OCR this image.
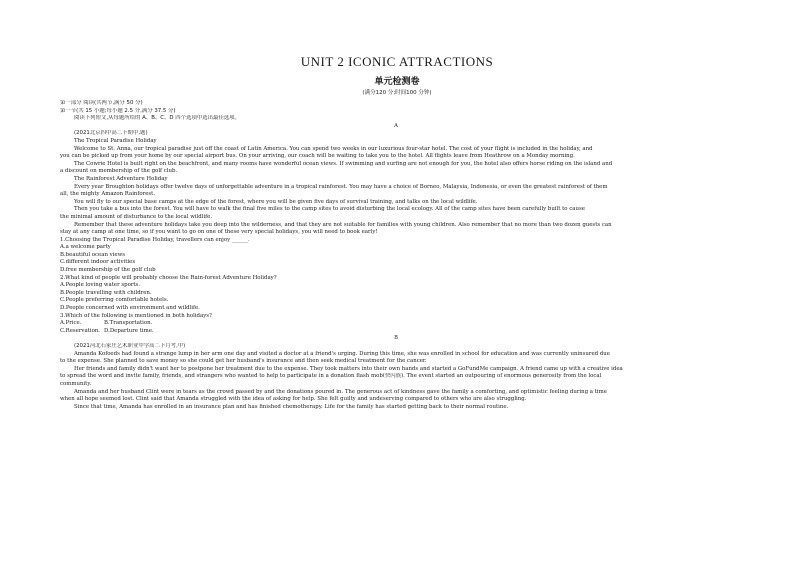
UNIT 2 ICONIC ATTRACTIONS
单元检测卷
(满分120 分;时间100 分钟)
第一部分 阅读(共两节,满分 50 分)
第一节(共 15 小题;每小题 2.5 分,满分 37.5 分)
阅读下列短文,从每题所给的 A、B、C、D 四个选项中选出最佳选项。
A
(2021北京四中高二下期中,题)
The Tropical Paradise Holiday
Welcome to St. Anna, our tropical paradise just off the coast of Latin America. You can spend two weeks in our luxurious four-star hotel. The cost of your flight is included in the holiday, and
you can be picked up from your home by our special airport bus. On your arriving, our coach will be waiting to take you to the hotel. All flights leave from Heathrow on a Monday morning.
The Cowrie Hotel is built right on the beachfront, and many rooms have wonderful ocean views. If swimming and surfing are not enough for you, the hotel also offers horse riding on the island and
a discount on membership of the golf club.
The Rainforest Adventure Holiday
Every year Broughton holidays offer twelve days of unforgettable adventure in a tropical rainforest. You may have a choice of Borneo, Malaysia, Indonesia, or even the greatest rainforest of them
all, the mighty Amazon Rainforest.
You will fly to our special base camps at the edge of the forest, where you will be given five days of survival training, and talks on the local wildlife.
Then you take a bus into the forest. You will have to walk the final five miles to the camp sites to avoid disturbing the local ecology. All of the camp sites have been carefully built to cause
the minimal amount of disturbance to the local wildlife.
Remember that these adventure holidays take you deep into the wilderness, and that they are not suitable for families with young children. Also remember that no more than two dozen guests can
stay at any camp at one time, so if you want to go on one of these very special holidays, you will need to book early!
1.Choosing the Tropical Paradise Holiday, travellers can enjoy ______.
A.a welcome party
B.beautiful ocean views
C.different indoor activities
D.free membership of the golf club
2.What kind of people will probably choose the Rain-forest Adventure Holiday?
A.People loving water sports.
B.People travelling with children.
C.People preferring comfortable hotels.
D.People concerned with environment and wildlife.
3.Which of the following is mentioned in both holidays?
A.Price.	B.Transportation.
C.Reservation. D.Departure time.
B
(2021河北石家庄艺术职业中学高二下月考,中)
Amanda Kofoeds had found a strange lump in her arm one day and visited a doctor at a friend's urging. During this time, she was enrolled in school for education and was currently uninsured due
to the expense. She planned to save money so she could get her husband's insurance and then seek medical treatment for the cancer.
Her friends and family didn't want her to postpone her treatment due to the expense. They took matters into their own hands and started a GoFundMe campaign. A friend came up with a creative idea
to spread the word and invite family, friends, and strangers who wanted to help to participate in a donation flash mob(快闪族). The event started an outpouring of enormous generosity from the local
community.
Amanda and her husband Clint were in tears as the crowd passed by and the donations poured in. The generous act of kindness gave the family a comforting, and optimistic feeling during a time
when all hope seemed lost. Clint said that Amanda struggled with the idea of asking for help. She felt guilty and undeserving compared to others who are also struggling.
Since that time, Amanda has enrolled in an insurance plan and has finished chemotherapy. Life for the family has started getting back to their normal routine.
